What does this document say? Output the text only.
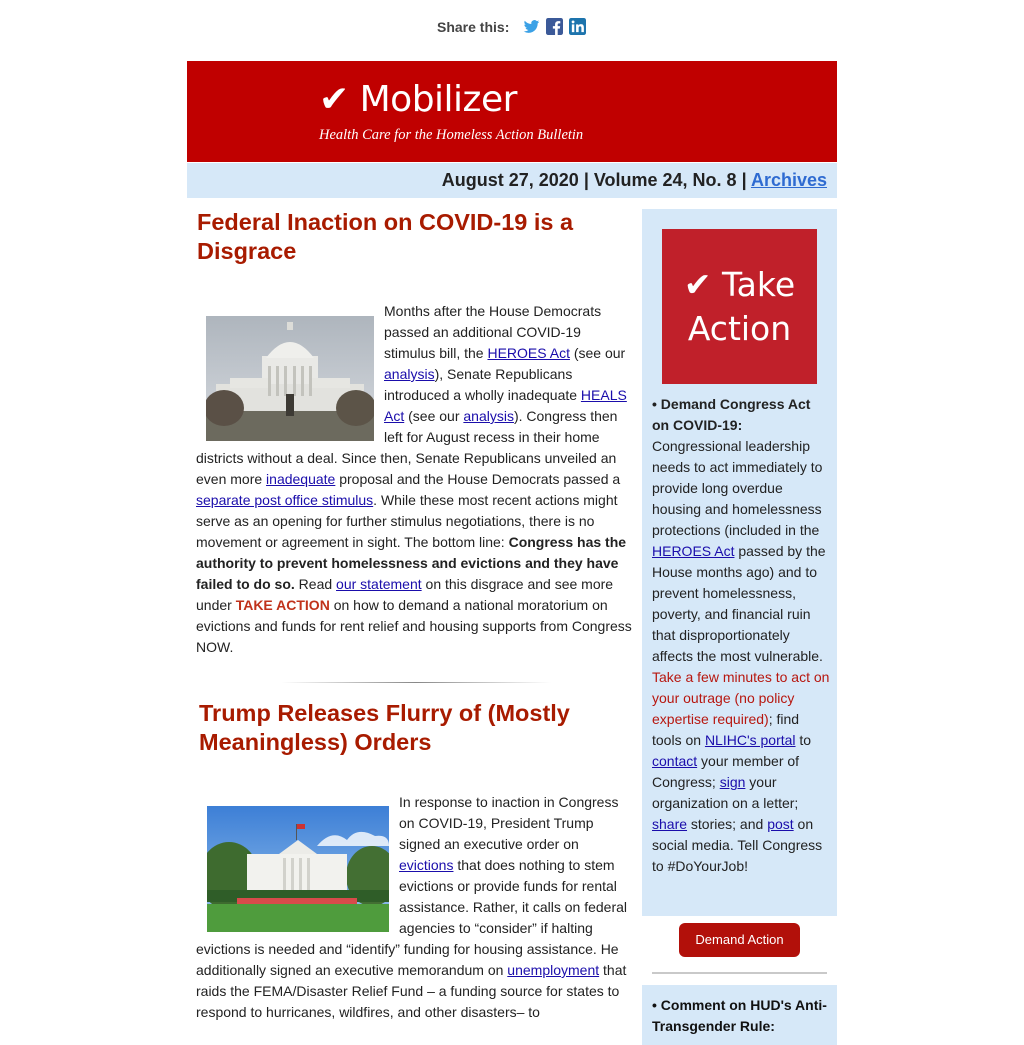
Share this:
✔ Mobilizer
Health Care for the Homeless Action Bulletin
August 27, 2020 | Volume 24, No. 8 | Archives
Federal Inaction on COVID-19 is a Disgrace

Months after the House Democrats passed an additional COVID-19 stimulus bill, the HEROES Act (see our analysis), Senate Republicans introduced a wholly inadequate HEALS Act (see our analysis). Congress then left for August recess in their home districts without a deal. Since then, Senate Republicans unveiled an even more inadequate proposal and the House Democrats passed a separate post office stimulus. While these most recent actions might serve as an opening for further stimulus negotiations, there is no movement or agreement in sight. The bottom line: Congress has the authority to prevent homelessness and evictions and they have failed to do so. Read our statement on this disgrace and see more under TAKE ACTION on how to demand a national moratorium on evictions and funds for rent relief and housing supports from Congress NOW.

Trump Releases Flurry of (Mostly Meaningless) Orders

In response to inaction in Congress on COVID-19, President Trump signed an executive order on evictions that does nothing to stem evictions or provide funds for rental assistance. Rather, it calls on federal agencies to “consider” if halting evictions is needed and “identify” funding for housing assistance. He additionally signed an executive memorandum on unemployment that raids the FEMA/Disaster Relief Fund – a funding source for states to respond to hurricanes, wildfires, and other disasters– to

✔ Take Action
• Demand Congress Act on COVID-19: Congressional leadership needs to act immediately to provide long overdue housing and homelessness protections (included in the HEROES Act passed by the House months ago) and to prevent homelessness, poverty, and financial ruin that disproportionately affects the most vulnerable. Take a few minutes to act on your outrage (no policy expertise required); find tools on NLIHC's portal to contact your member of Congress; sign your organization on a letter; share stories; and post on social media. Tell Congress to #DoYourJob!
Demand Action
• Comment on HUD's Anti-Transgender Rule:
